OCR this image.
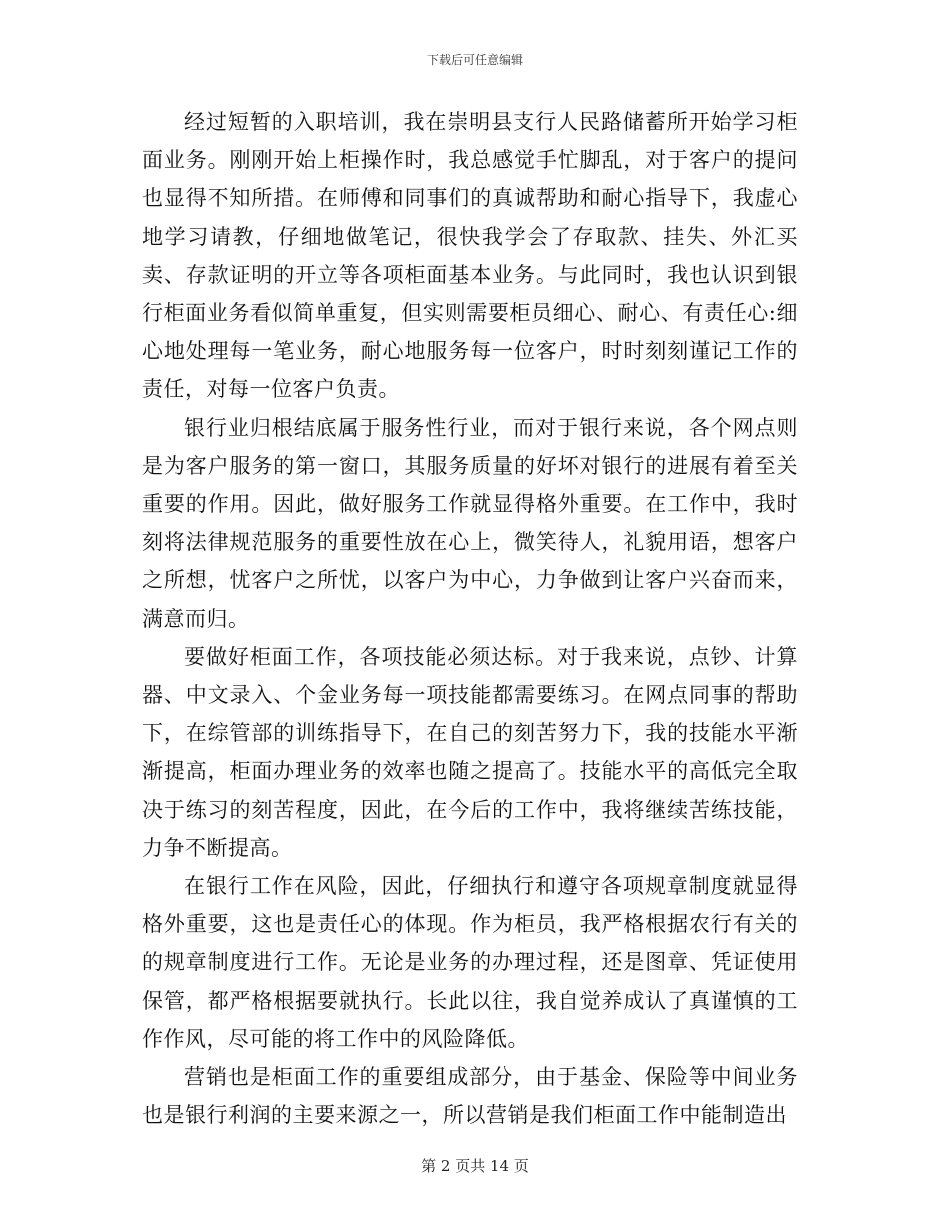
下载后可任意编辑

经过短暂的入职培训，我在崇明县支行人民路储蓄所开始学习柜面业务。刚刚开始上柜操作时，我总感觉手忙脚乱，对于客户的提问也显得不知所措。在师傅和同事们的真诚帮助和耐心指导下，我虚心地学习请教，仔细地做笔记，很快我学会了存取款、挂失、外汇买卖、存款证明的开立等各项柜面基本业务。与此同时，我也认识到银行柜面业务看似简单重复，但实则需要柜员细心、耐心、有责任心:细心地处理每一笔业务，耐心地服务每一位客户，时时刻刻谨记工作的责任，对每一位客户负责。

银行业归根结底属于服务性行业，而对于银行来说，各个网点则是为客户服务的第一窗口，其服务质量的好坏对银行的进展有着至关重要的作用。因此，做好服务工作就显得格外重要。在工作中，我时刻将法律规范服务的重要性放在心上，微笑待人，礼貌用语，想客户之所想，忧客户之所忧，以客户为中心，力争做到让客户兴奋而来，满意而归。

要做好柜面工作，各项技能必须达标。对于我来说，点钞、计算器、中文录入、个金业务每一项技能都需要练习。在网点同事的帮助下，在综管部的训练指导下，在自己的刻苦努力下，我的技能水平渐渐提高，柜面办理业务的效率也随之提高了。技能水平的高低完全取决于练习的刻苦程度，因此，在今后的工作中，我将继续苦练技能，力争不断提高。

在银行工作在风险，因此，仔细执行和遵守各项规章制度就显得格外重要，这也是责任心的体现。作为柜员，我严格根据农行有关的的规章制度进行工作。无论是业务的办理过程，还是图章、凭证使用保管，都严格根据要就执行。长此以往，我自觉养成认了真谨慎的工作作风，尽可能的将工作中的风险降低。

营销也是柜面工作的重要组成部分，由于基金、保险等中间业务也是银行利润的主要来源之一，所以营销是我们柜面工作中能制造出

第 2 页共 14 页
